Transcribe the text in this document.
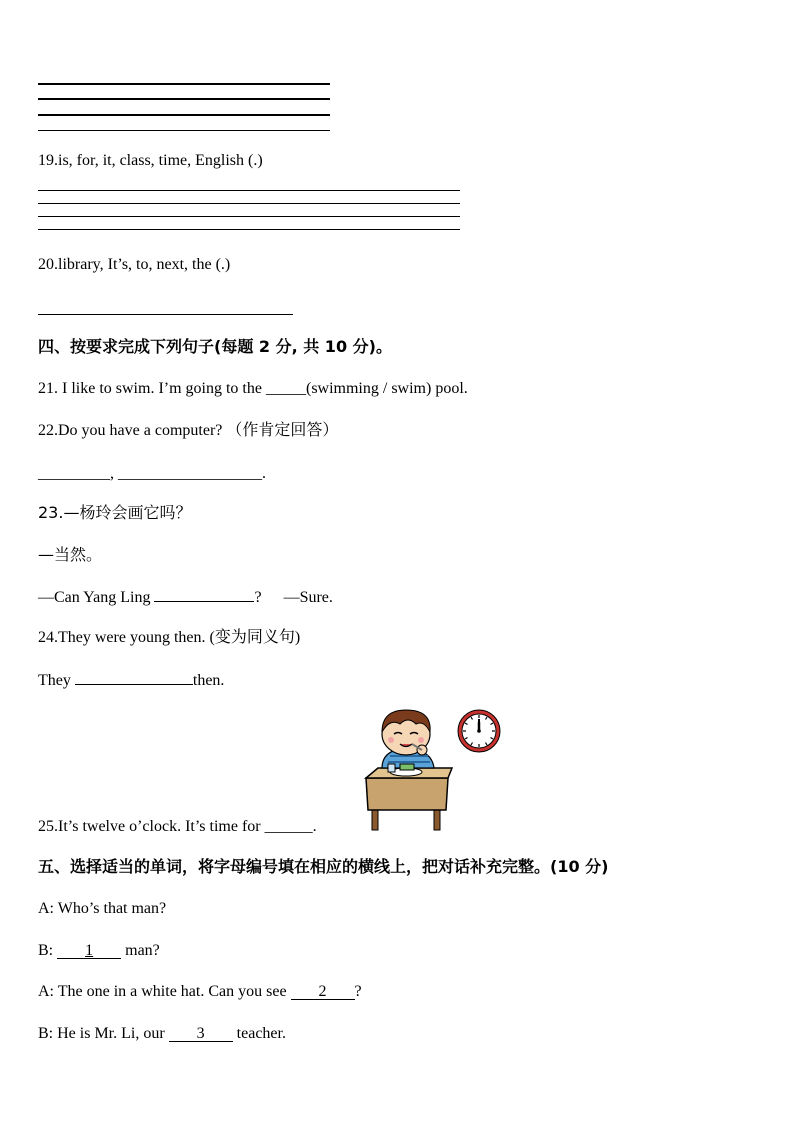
19.is, for, it, class, time, English (.)
20.library, It’s, to, next, the (.)
四、按要求完成下列句子(每题 2 分, 共 10 分)。
21. I like to swim. I’m going to the _____(swimming / swim) pool.
22.Do you have a computer? （作肯定回答）
_________, __________________.
23.—杨玲会画它吗？
—当然。
—Can Yang Ling	? —Sure.
24.They were young then. (变为同义句)
They	then.
25.It’s twelve o’clock. It’s time for ______.
五、选择适当的单词，将字母编号填在相应的横线上，把对话补充完整。(10 分)
A: Who’s that man?
B: 1 man?
A: The one in a white hat. Can you see 2 ?
B: He is Mr. Li, our 3 teacher.
